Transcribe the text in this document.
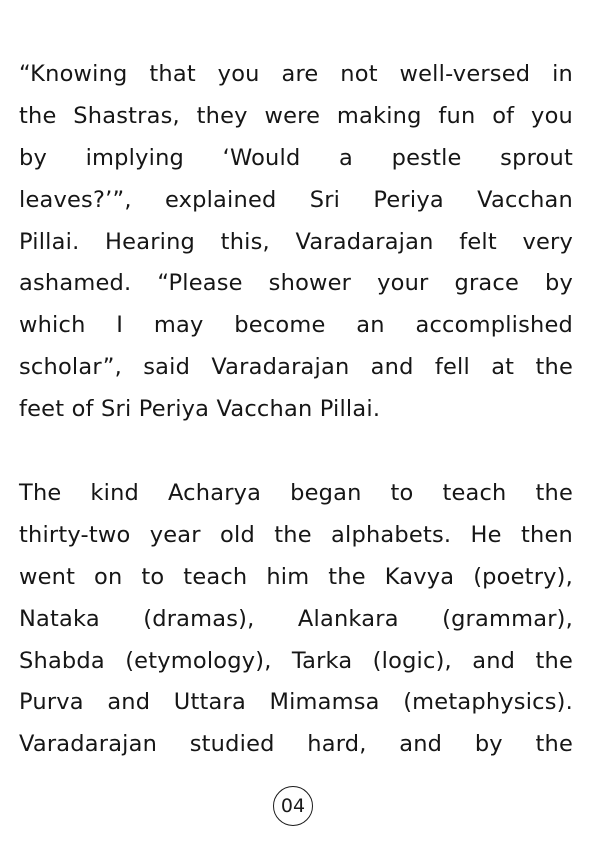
“Knowing that you are not well-versed in
the Shastras, they were making fun of you
by implying ‘Would a pestle sprout
leaves?’”, explained Sri Periya Vacchan
Pillai. Hearing this, Varadarajan felt very
ashamed. “Please shower your grace by
which I may become an accomplished
scholar”, said Varadarajan and fell at the
feet of Sri Periya Vacchan Pillai.
The kind Acharya began to teach the
thirty-two year old the alphabets. He then
went on to teach him the Kavya (poetry),
Nataka (dramas), Alankara (grammar),
Shabda (etymology), Tarka (logic), and the
Purva and Uttara Mimamsa (metaphysics).
Varadarajan studied hard, and by the
04
